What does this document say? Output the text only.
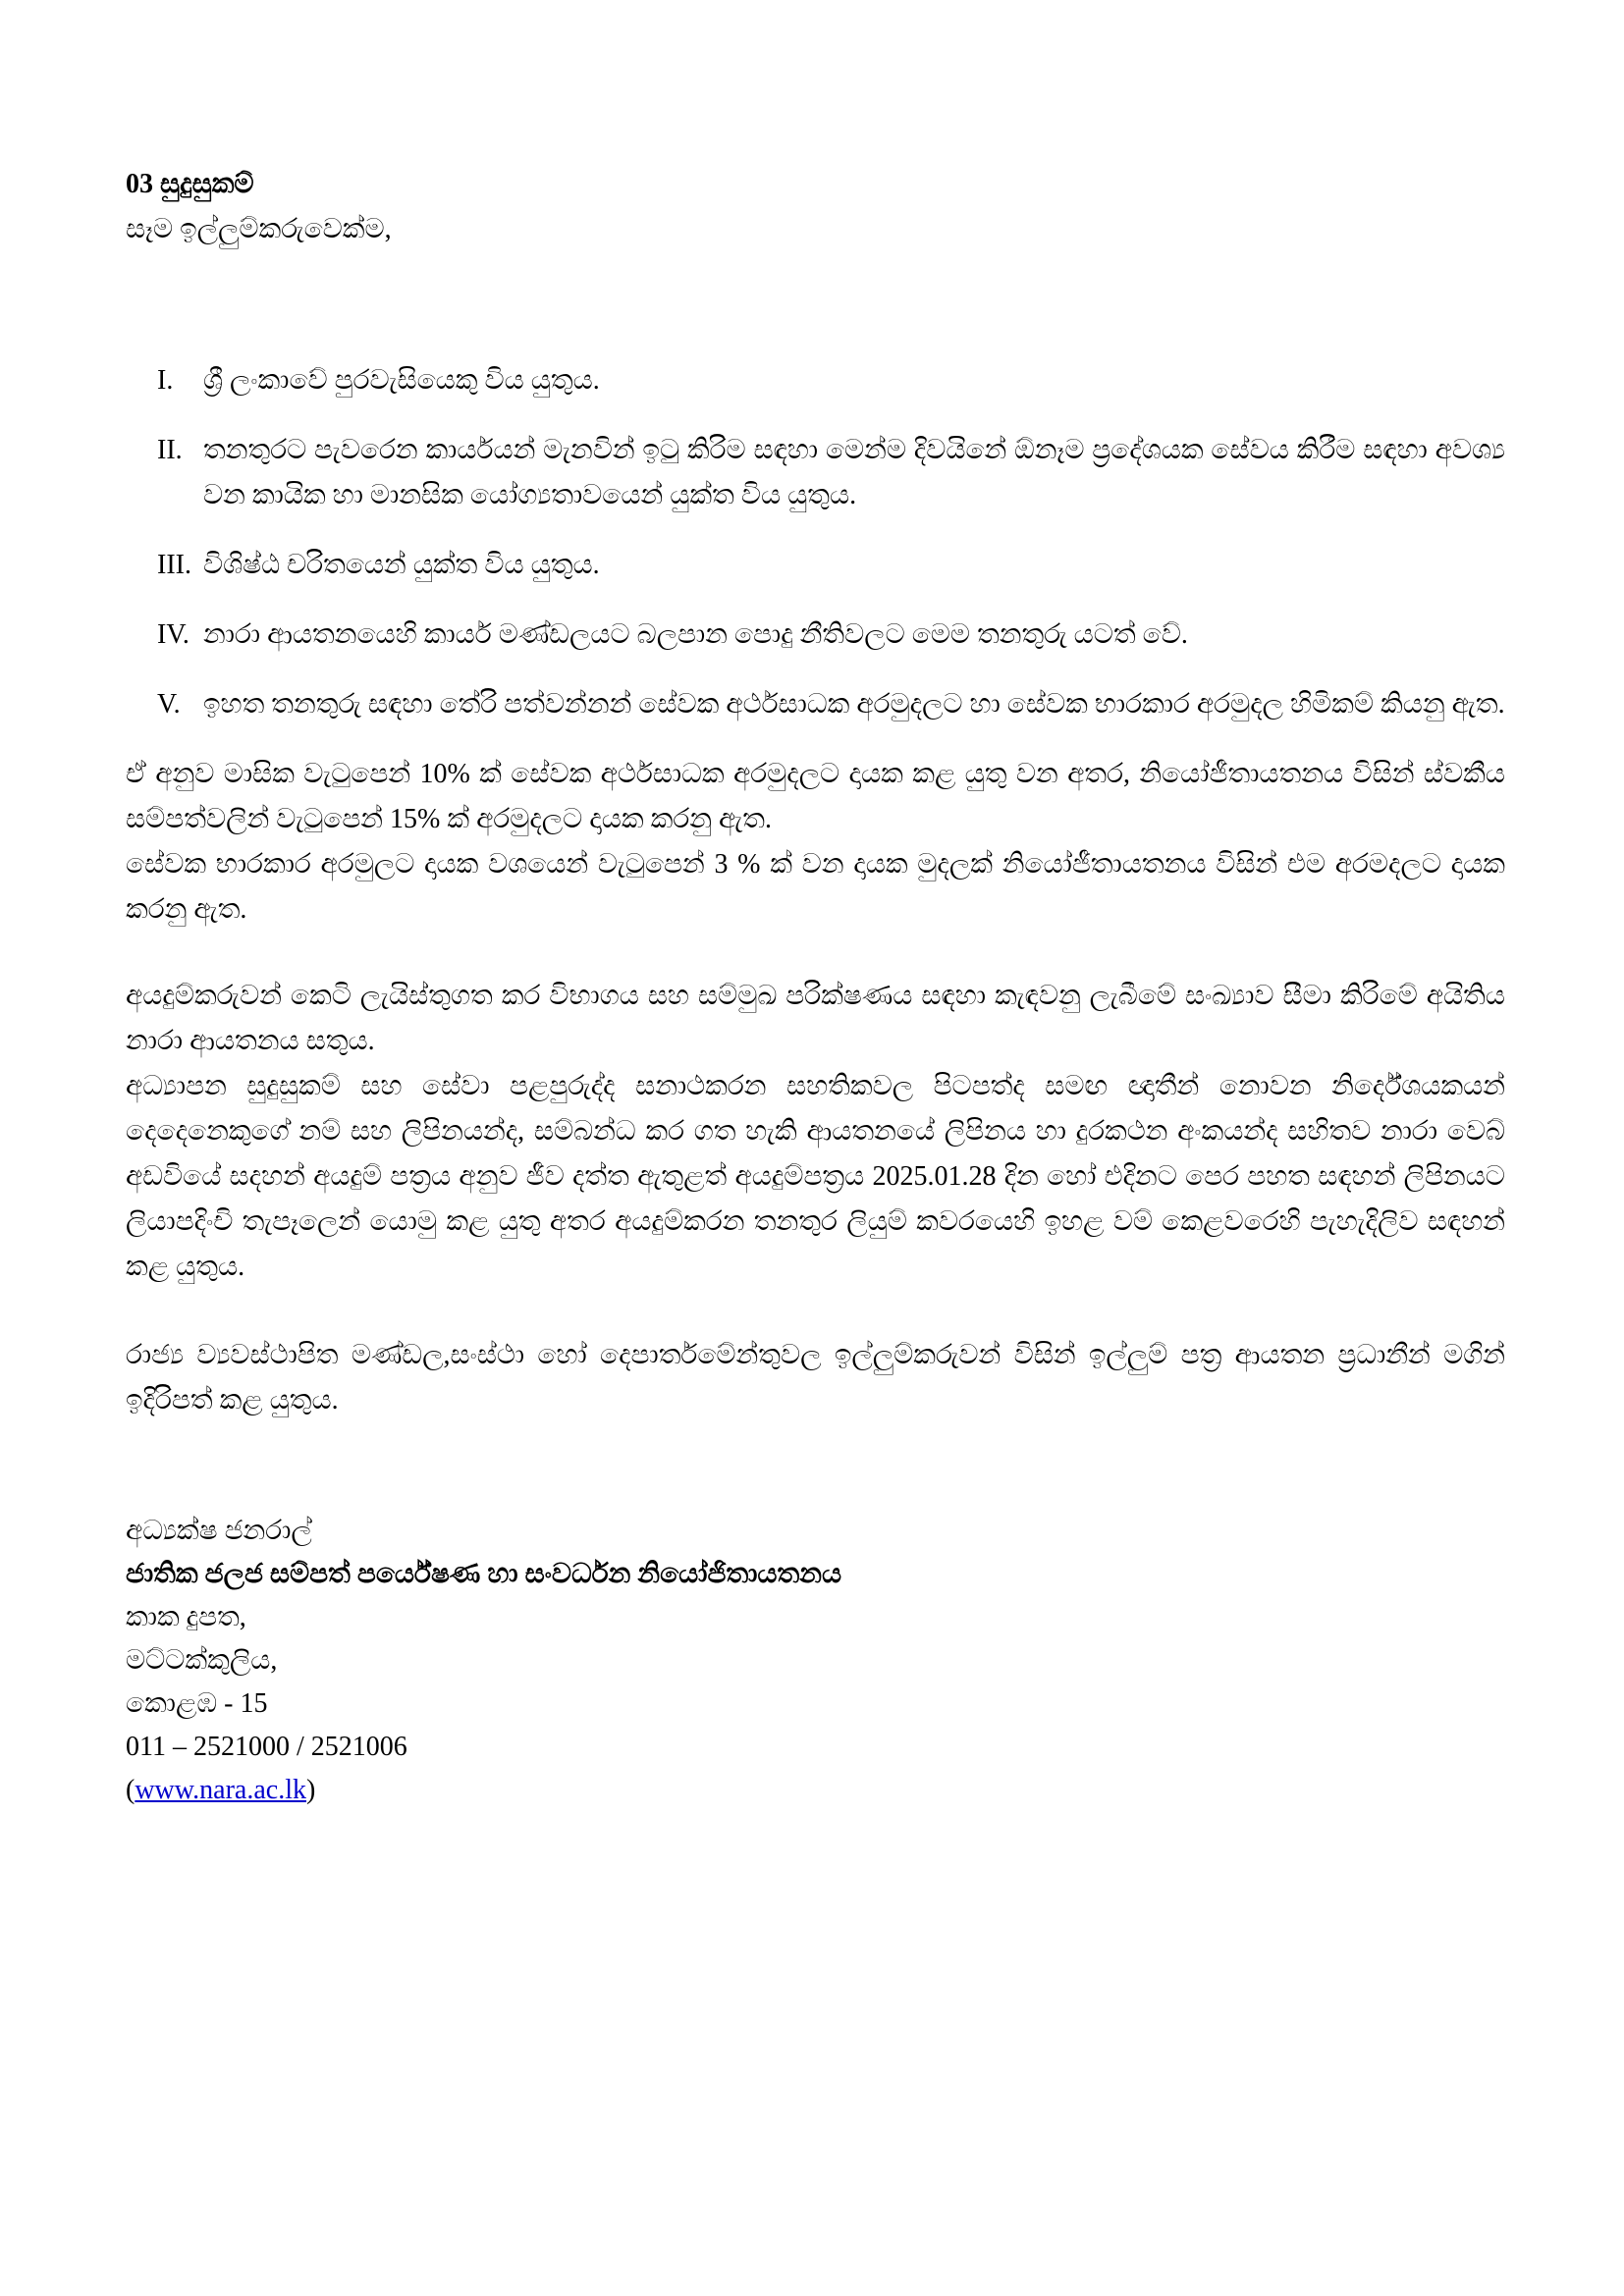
03 සුදුසුකම්
සෑම ඉල්ලුම්කරුවෙක්ම,
I.	ශ්‍රී ලංකාවේ පුරවැසියෙකු විය යුතුය.
II. තනතුරට පැවරෙන කාර්යයන් මැනවින් ඉටු කිරිම සඳහා මෙන්ම දිවයිනේ ඕනෑම ප්‍රදේශයක සේවය කිරීම සඳහා අවශ්‍ය වන කායික හා මානසික යෝග්‍යතාවයෙන් යුක්ත විය යුතුය.
III. විශිෂ්ඨ චරිතයෙන් යුක්ත විය යුතුය.
IV. නාරා ආයතනයෙහි කාර්ය මණ්ඩලයට බලපාන පොදු නීතිවලට මෙම තනතුරු යටත් වේ.
V. ඉහත තනතුරු සඳහා තේරි පත්වන්නන් සේවක අර්ථසාධක අරමුදලට හා සේවක භාරකාර අරමුදල හිමිකම් කියනු ඇත.

ඒ අනුව මාසික වැටුපෙන් 10% ක් සේවක අර්ථසාධක අරමුදලට දායක කළ යුතු වන අතර, නියෝජීතායතනය විසින් ස්වකීය සම්පත්වලින් වැටුපෙන් 15% ක් අරමුදලට දායක කරනු ඇත.

සේවක භාරකාර අරමුලට දායක වශයෙන් වැටුපෙන් 3 % ක් වන දායක මුදලක් නියෝජීතායතනය විසින් එම අරමදලට දායක කරනු ඇත.

අයදුම්කරුවන් කෙටි ලැයිස්තුගත කර විභාගය සහ සම්මුඛ පරික්ෂණය සඳහා කැඳවනු ලැබීමේ සංඛ්‍යාව සීමා කිරිමේ අයිතිය නාරා ආයතනය සතුය.

අධ්‍යාපන සුදුසුකම් සහ සේවා පළපුරුද්ද සනාථකරන සහතිකවල පිටපත්ද සමඟ ඥාතීන් නොවන නිර්දේශයකයන් දෙදෙනෙකුගේ නම් සහ ලිපිනයන්ද, සම්බන්ධ කර ගත හැකි ආයතනයේ ලිපිනය හා දුරකථන අංකයන්ද සහිතව නාරා වෙබ් අඩවියේ සදහන් අයදුම් පත්‍රය අනුව ජීව දත්ත ඇතුළත් අයදුම්පත්‍රය 2025.01.28 දින හෝ එදිනට පෙර පහත සඳහන් ලිපිනයට ලියාපදිංචි තැපෑලෙන් යොමු කළ යුතු අතර අයදුම්කරන තනතුර ලියුම් කවරයෙහි ඉහළ වම් කෙළවරෙහි පැහැදිලිව සඳහන් කළ යුතුය.

රාජ්‍ය ව්‍යවස්ථාපිත මණ්ඩල,සංස්ථා හෝ දෙපාර්තමේන්තුවල ඉල්ලුම්කරුවන් විසින් ඉල්ලුම් පත්‍ර ආයතන ප්‍රධානීන් මගින් ඉදිරිපත් කළ යුතුය.

අධ්‍යක්ෂ ජනරාල්
ජාතික ජලජ සම්පත් පර්යේෂණ හා සංවර්ධන නියෝජිතායතනය
කාක දුපත,
මට්ටක්කුලිය,
කොළඹ - 15
011 – 2521000 / 2521006
(www.nara.ac.lk)
